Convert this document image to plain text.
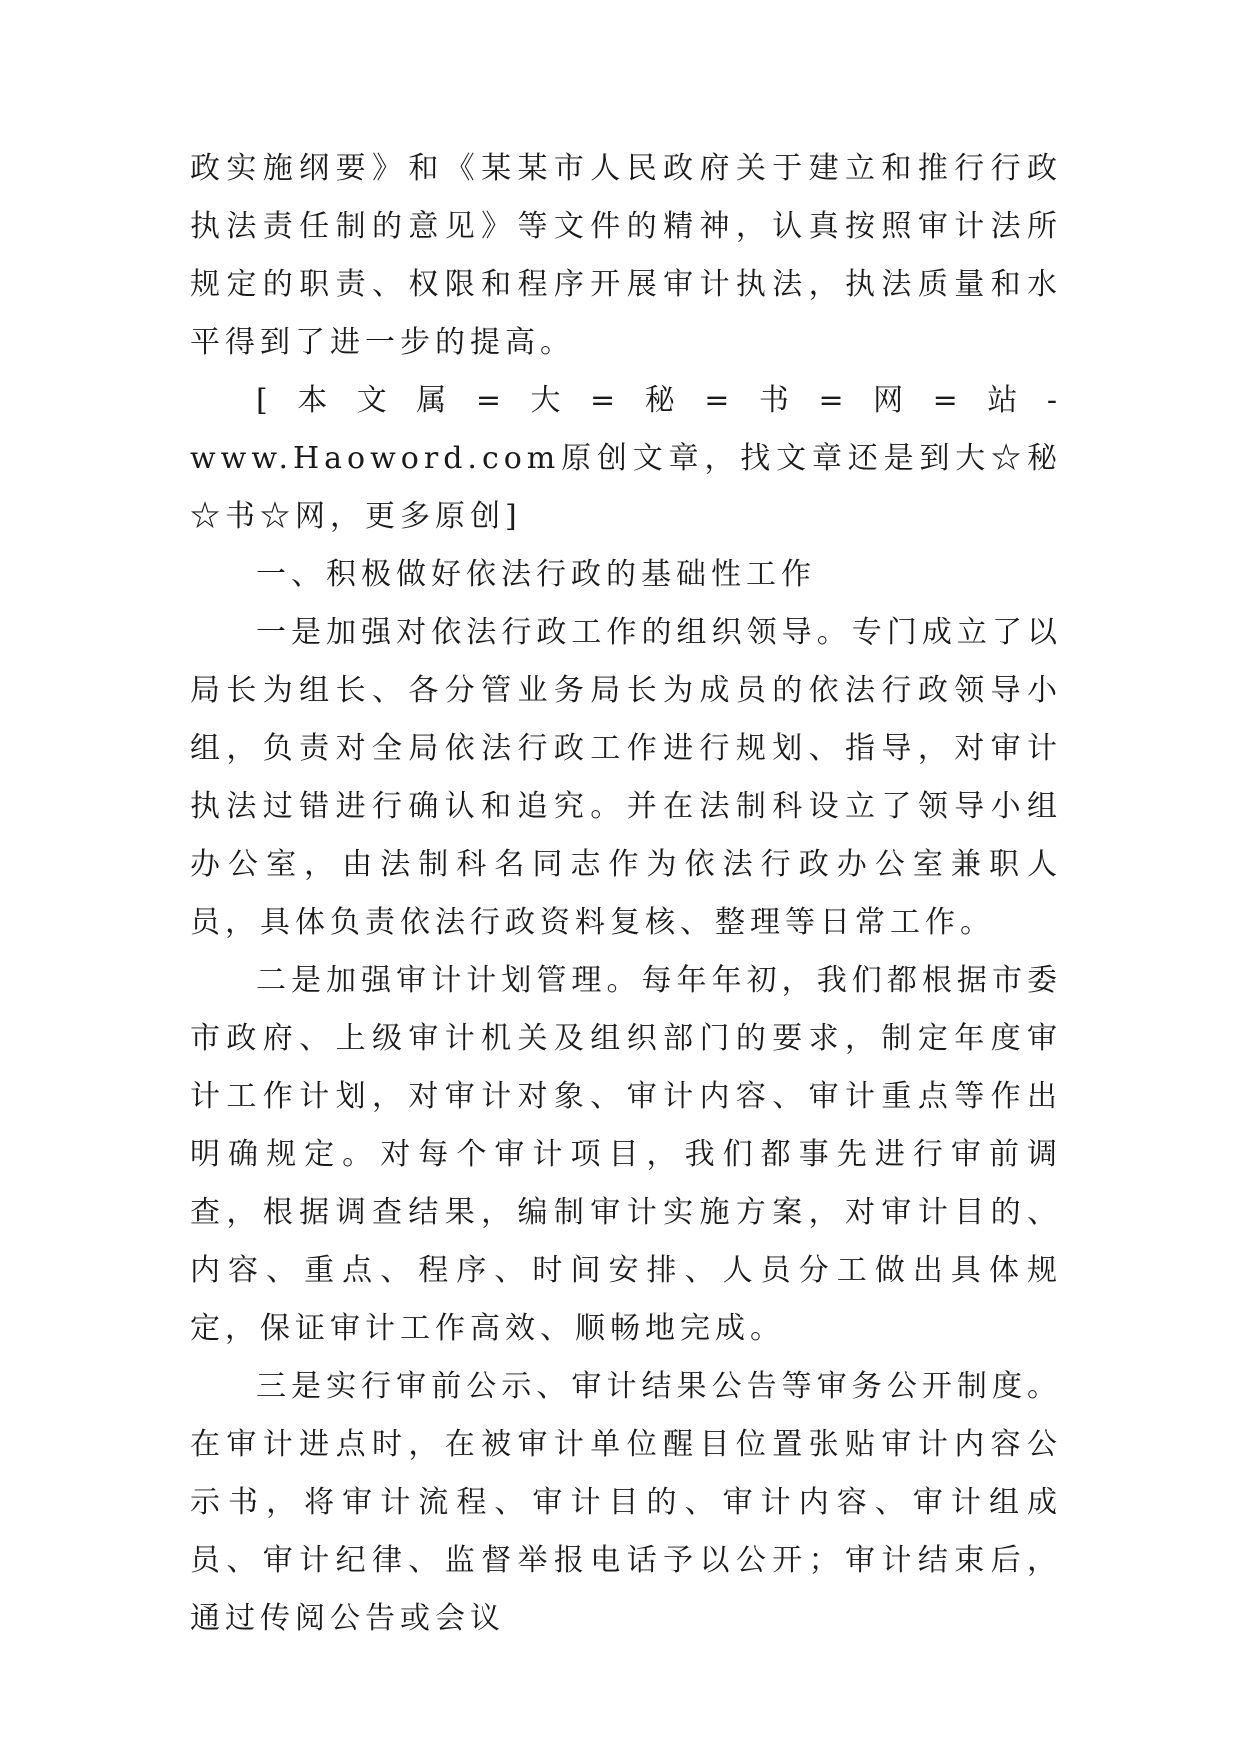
政实施纲要》和《某某市人民政府关于建立和推行行政执法责任制的意见》等文件的精神，认真按照审计法所规定的职责、权限和程序开展审计执法，执法质量和水平得到了进一步的提高。

[本文属=大=秘=书=网=站-www.Haoword.com原创文章，找文章还是到大☆秘☆书☆网，更多原创]

一、积极做好依法行政的基础性工作

一是加强对依法行政工作的组织领导。专门成立了以局长为组长、各分管业务局长为成员的依法行政领导小组，负责对全局依法行政工作进行规划、指导，对审计执法过错进行确认和追究。并在法制科设立了领导小组办公室，由法制科名同志作为依法行政办公室兼职人员，具体负责依法行政资料复核、整理等日常工作。

二是加强审计计划管理。每年年初，我们都根据市委市政府、上级审计机关及组织部门的要求，制定年度审计工作计划，对审计对象、审计内容、审计重点等作出明确规定。对每个审计项目，我们都事先进行审前调查，根据调查结果，编制审计实施方案，对审计目的、内容、重点、程序、时间安排、人员分工做出具体规定，保证审计工作高效、顺畅地完成。

三是实行审前公示、审计结果公告等审务公开制度。在审计进点时，在被审计单位醒目位置张贴审计内容公示书，将审计流程、审计目的、审计内容、审计组成员、审计纪律、监督举报电话予以公开；审计结束后，通过传阅公告或会议
